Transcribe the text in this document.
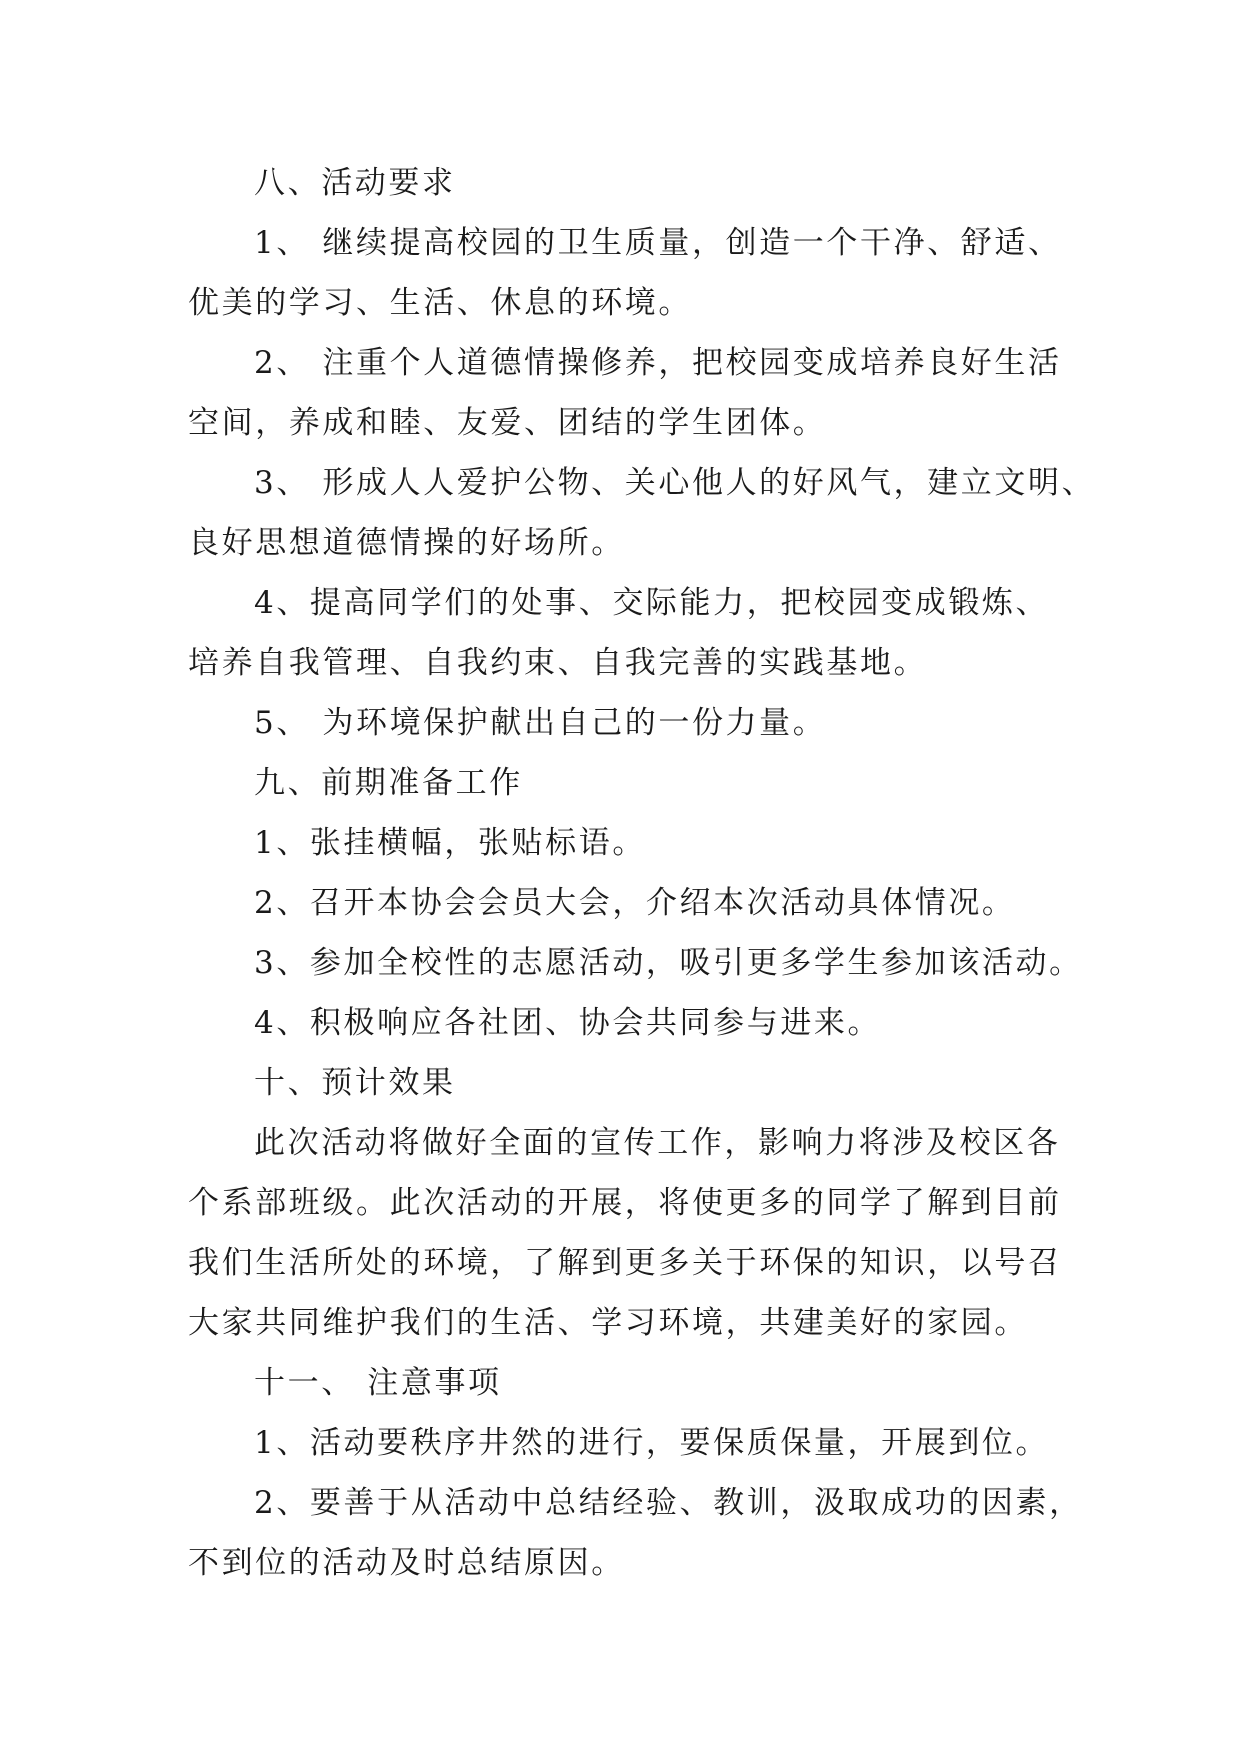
八、活动要求
1、 继续提高校园的卫生质量，创造一个干净、舒适、
优美的学习、生活、休息的环境。
2、 注重个人道德情操修养，把校园变成培养良好生活
空间，养成和睦、友爱、团结的学生团体。
3、 形成人人爱护公物、关心他人的好风气，建立文明、
良好思想道德情操的好场所。
4、提高同学们的处事、交际能力，把校园变成锻炼、
培养自我管理、自我约束、自我完善的实践基地。
5、 为环境保护献出自己的一份力量。
九、前期准备工作
1、张挂横幅，张贴标语。
2、召开本协会会员大会，介绍本次活动具体情况。
3、参加全校性的志愿活动，吸引更多学生参加该活动。
4、积极响应各社团、协会共同参与进来。
十、预计效果
此次活动将做好全面的宣传工作，影响力将涉及校区各
个系部班级。此次活动的开展，将使更多的同学了解到目前
我们生活所处的环境，了解到更多关于环保的知识，以号召
大家共同维护我们的生活、学习环境，共建美好的家园。
十一、 注意事项
1、活动要秩序井然的进行，要保质保量，开展到位。
2、要善于从活动中总结经验、教训，汲取成功的因素，
不到位的活动及时总结原因。
